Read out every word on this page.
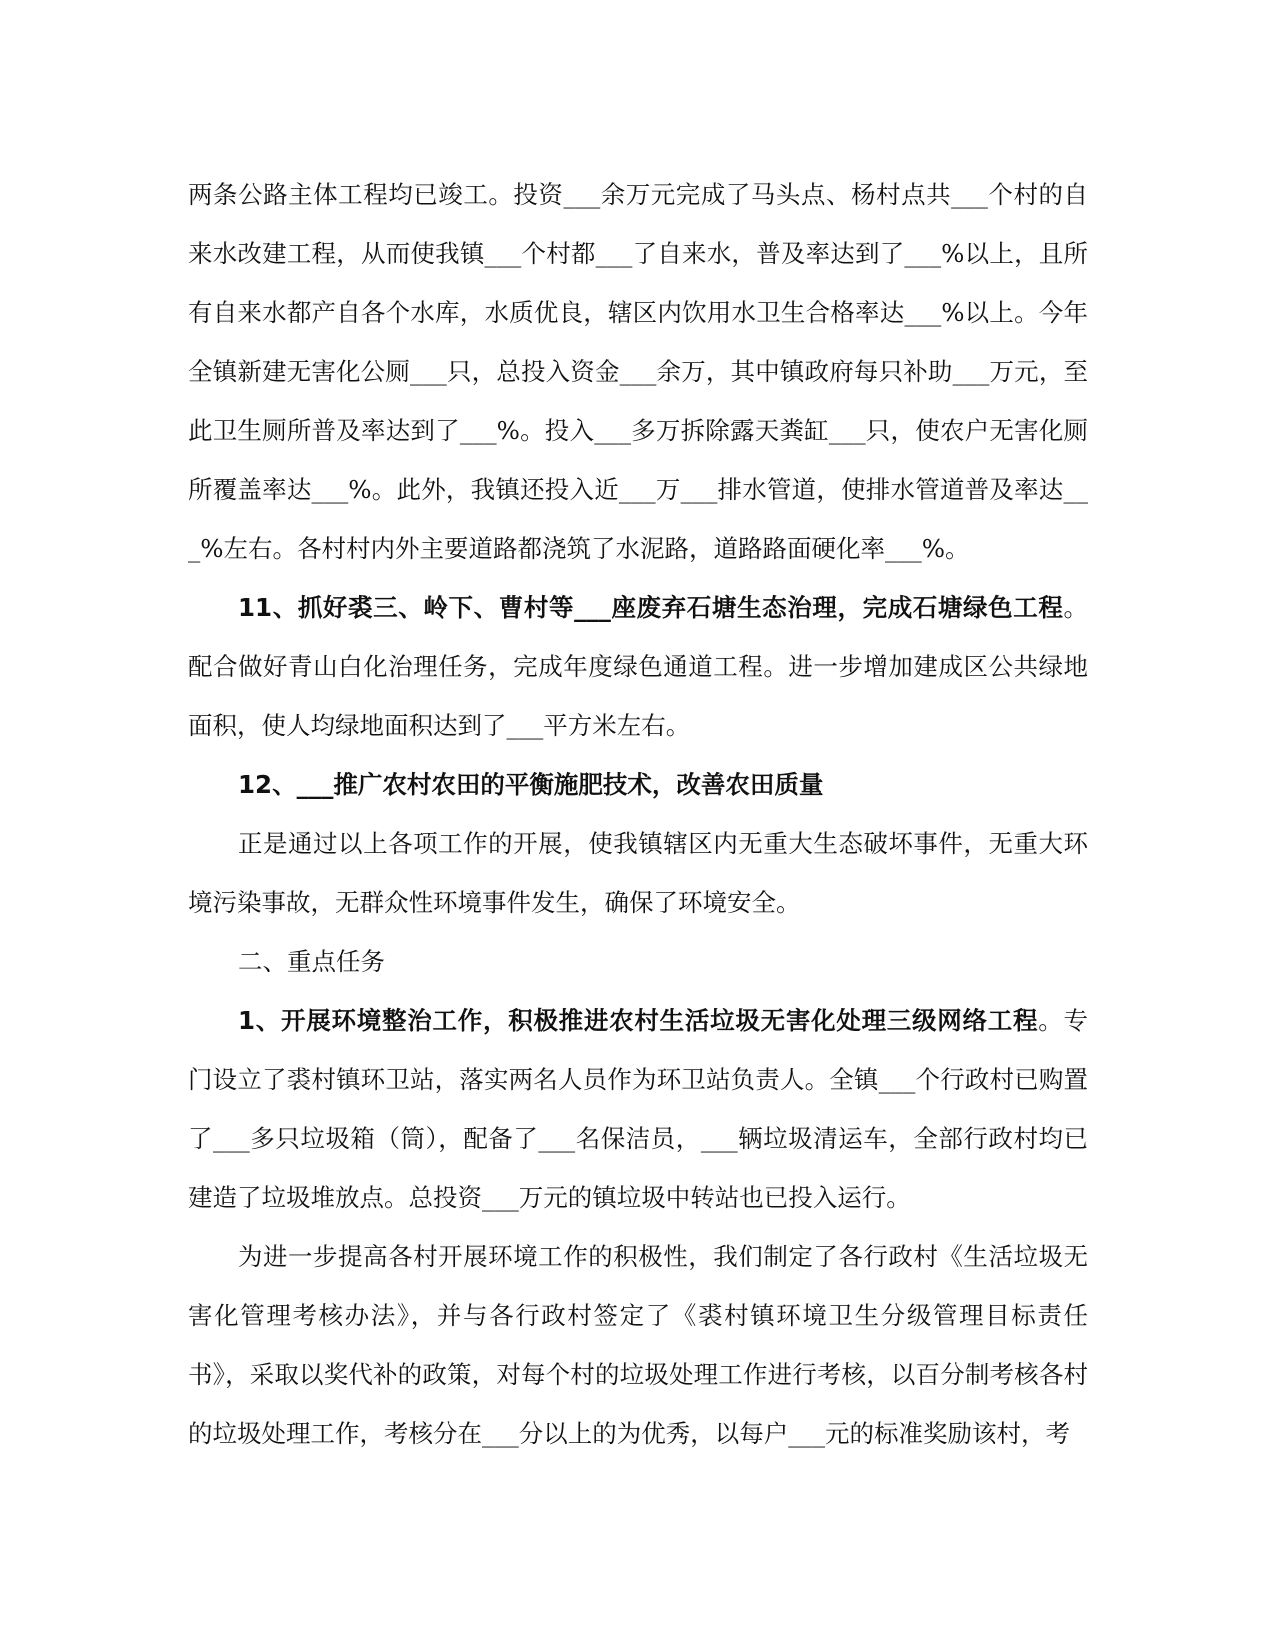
两条公路主体工程均已竣工。投资___余万元完成了马头点、杨村点共___个村的自来水改建工程，从而使我镇___个村都___了自来水，普及率达到了___%以上，且所有自来水都产自各个水库，水质优良，辖区内饮用水卫生合格率达___%以上。今年全镇新建无害化公厕___只，总投入资金___余万，其中镇政府每只补助___万元，至此卫生厕所普及率达到了___%。投入___多万拆除露天粪缸___只，使农户无害化厕所覆盖率达___%。此外，我镇还投入近___万___排水管道，使排水管道普及率达___%左右。各村村内外主要道路都浇筑了水泥路，道路路面硬化率___%。

11、抓好裘三、岭下、曹村等___座废弃石塘生态治理，完成石塘绿色工程。配合做好青山白化治理任务，完成年度绿色通道工程。进一步增加建成区公共绿地面积，使人均绿地面积达到了___平方米左右。

12、___推广农村农田的平衡施肥技术，改善农田质量

正是通过以上各项工作的开展，使我镇辖区内无重大生态破坏事件，无重大环境污染事故，无群众性环境事件发生，确保了环境安全。

二、重点任务

1、开展环境整治工作，积极推进农村生活垃圾无害化处理三级网络工程。专门设立了裘村镇环卫站，落实两名人员作为环卫站负责人。全镇___个行政村已购置了___多只垃圾箱（筒），配备了___名保洁员，___辆垃圾清运车，全部行政村均已建造了垃圾堆放点。总投资___万元的镇垃圾中转站也已投入运行。

为进一步提高各村开展环境工作的积极性，我们制定了各行政村《生活垃圾无害化管理考核办法》，并与各行政村签定了《裘村镇环境卫生分级管理目标责任书》，采取以奖代补的政策，对每个村的垃圾处理工作进行考核，以百分制考核各村的垃圾处理工作，考核分在___分以上的为优秀，以每户___元的标准奖励该村，考
